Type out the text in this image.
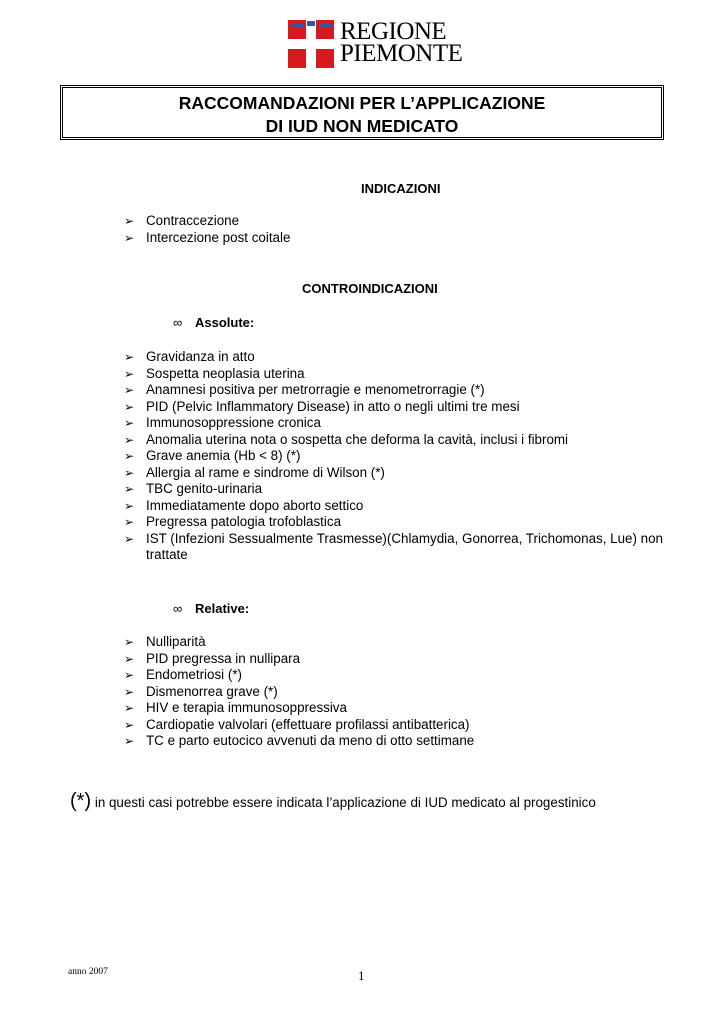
REGIONE
PIEMONTE
RACCOMANDAZIONI PER L’APPLICAZIONE
DI IUD NON MEDICATO
INDICAZIONI
➢ Contraccezione
➢ Intercezione post coitale
CONTROINDICAZIONI
∞ Assolute:
➢ Gravidanza in atto
➢ Sospetta neoplasia uterina
➢ Anamnesi positiva per metrorragie e menometrorragie (*)
➢ PID (Pelvic Inflammatory Disease) in atto o negli ultimi tre mesi
➢ Immunosoppressione cronica
➢ Anomalia uterina nota o sospetta che deforma la cavità, inclusi i fibromi
➢ Grave anemia (Hb < 8) (*)
➢ Allergia al rame e sindrome di Wilson (*)
➢ TBC genito-urinaria
➢ Immediatamente dopo aborto settico
➢ Pregressa patologia trofoblastica
➢ IST (Infezioni Sessualmente Trasmesse)(Chlamydia, Gonorrea, Trichomonas, Lue) non trattate
∞ Relative:
➢ Nulliparità
➢ PID pregressa in nullipara
➢ Endometriosi (*)
➢ Dismenorrea grave (*)
➢ HIV e terapia immunosoppressiva
➢ Cardiopatie valvolari (effettuare profilassi antibatterica)
➢ TC e parto eutocico avvenuti da meno di otto settimane
(*) in questi casi potrebbe essere indicata l’applicazione di IUD medicato al progestinico
anno 2007	1
